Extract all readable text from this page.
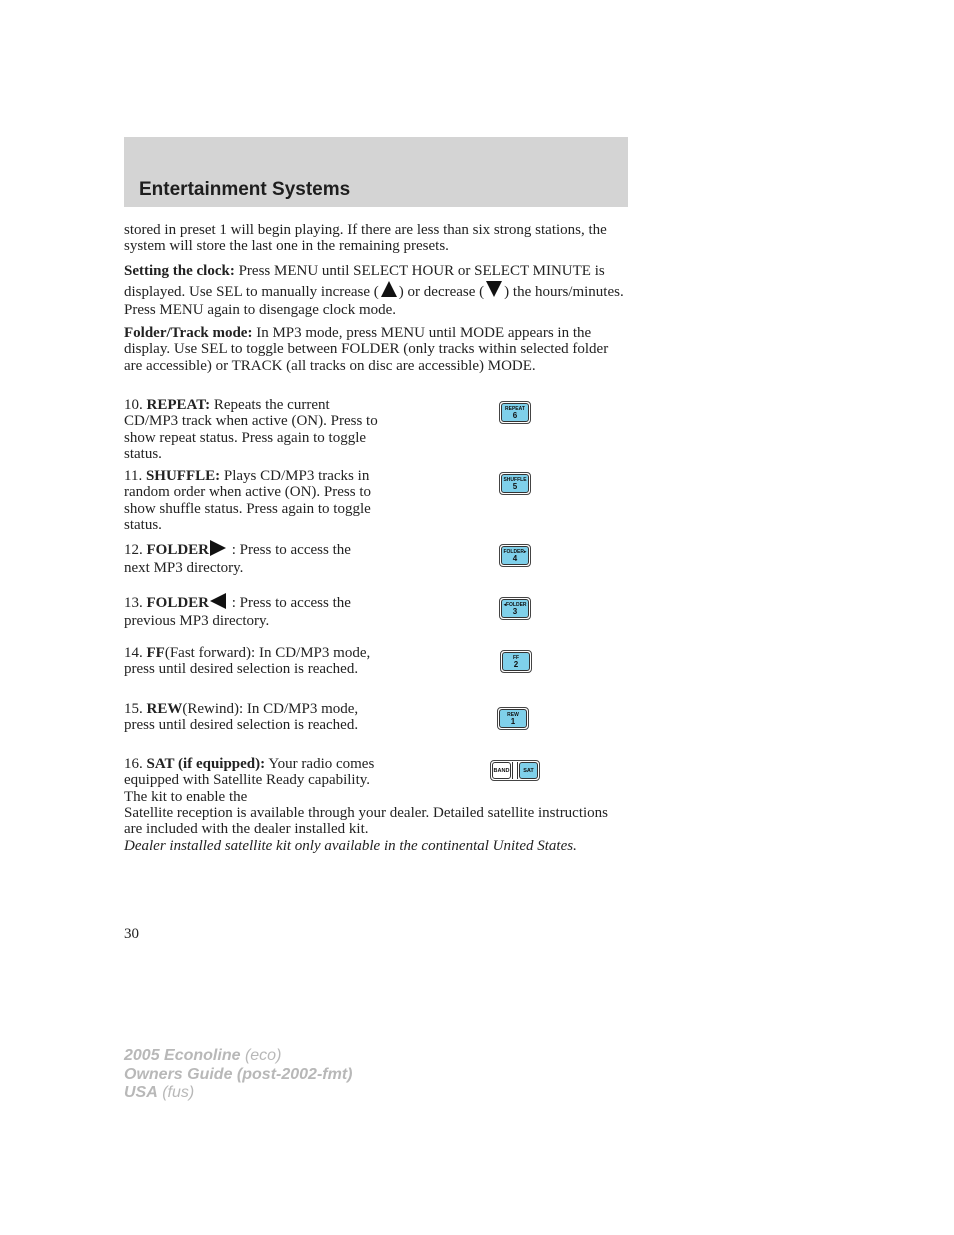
Entertainment Systems

stored in preset 1 will begin playing. If there are less than six strong stations, the system will store the last one in the remaining presets.

Setting the clock: Press MENU until SELECT HOUR or SELECT MINUTE is displayed. Use SEL to manually increase ( ) or decrease ( ) the hours/minutes. Press MENU again to disengage clock mode.

Folder/Track mode: In MP3 mode, press MENU until MODE appears in the display. Use SEL to toggle between FOLDER (only tracks within selected folder are accessible) or TRACK (all tracks on disc are accessible) MODE.

10. REPEAT: Repeats the current CD/MP3 track when active (ON). Press to show repeat status. Press again to toggle status.

REPEAT
6

11. SHUFFLE: Plays CD/MP3 tracks in random order when active (ON). Press to show shuffle status. Press again to toggle status.

SHUFFLE
5

12. FOLDER : Press to access the next MP3 directory.

FOLDER▸
4

13. FOLDER : Press to access the previous MP3 directory.

◂FOLDER
3

14. FF(Fast forward): In CD/MP3 mode, press until desired selection is reached.

FF
2

15. REW(Rewind): In CD/MP3 mode, press until desired selection is reached.

REW
1

16. SAT (if equipped): Your radio comes equipped with Satellite Ready capability. The kit to enable the

BAND	SAT

Satellite reception is available through your dealer. Detailed satellite instructions are included with the dealer installed kit.

Dealer installed satellite kit only available in the continental United States.

30
2005 Econoline (eco)
Owners Guide (post-2002-fmt)
USA (fus)
